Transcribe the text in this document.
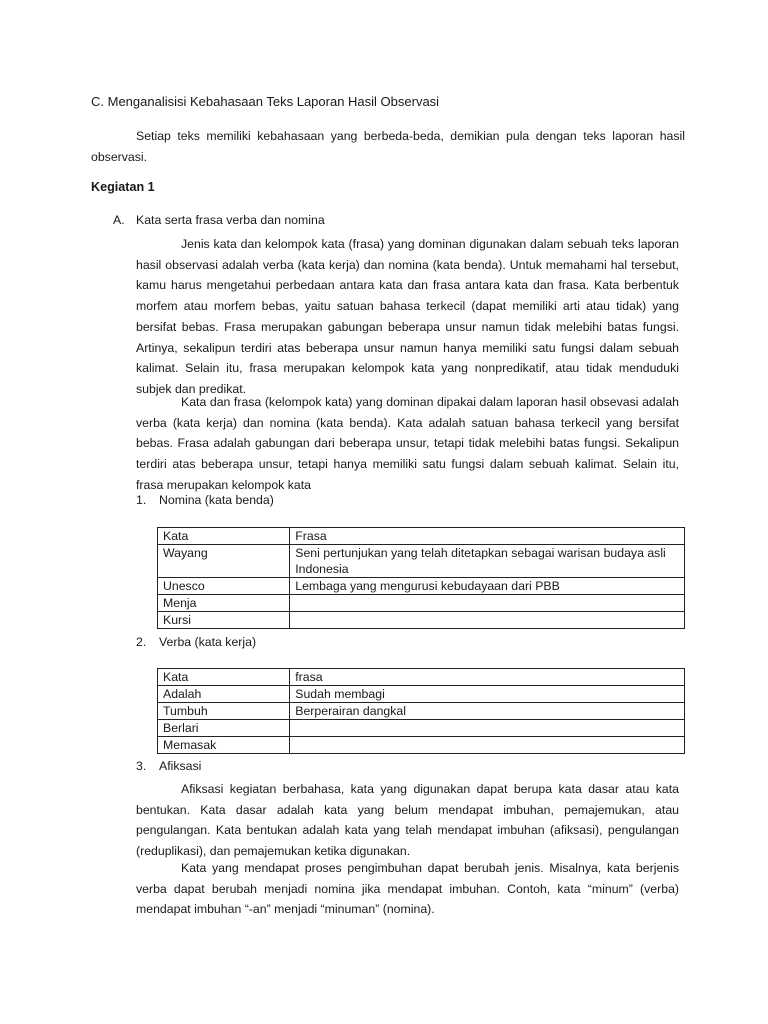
C. Menganalisisi Kebahasaan Teks Laporan Hasil Observasi
Setiap teks memiliki kebahasaan yang berbeda-beda, demikian pula dengan teks laporan hasil observasi.
Kegiatan 1
A. Kata serta frasa verba dan nomina
Jenis kata dan kelompok kata (frasa) yang dominan digunakan dalam sebuah teks laporan hasil observasi adalah verba (kata kerja) dan nomina (kata benda). Untuk memahami hal tersebut, kamu harus mengetahui perbedaan antara kata dan frasa antara kata dan frasa. Kata berbentuk morfem atau morfem bebas, yaitu satuan bahasa terkecil (dapat memiliki arti atau tidak) yang bersifat bebas. Frasa merupakan gabungan beberapa unsur namun tidak melebihi batas fungsi. Artinya, sekalipun terdiri atas beberapa unsur namun hanya memiliki satu fungsi dalam sebuah kalimat. Selain itu, frasa merupakan kelompok kata yang nonpredikatif, atau tidak menduduki subjek dan predikat.
Kata dan frasa (kelompok kata) yang dominan dipakai dalam laporan hasil obsevasi adalah verba (kata kerja) dan nomina (kata benda). Kata adalah satuan bahasa terkecil yang bersifat bebas. Frasa adalah gabungan dari beberapa unsur, tetapi tidak melebihi batas fungsi. Sekalipun terdiri atas beberapa unsur, tetapi hanya memiliki satu fungsi dalam sebuah kalimat. Selain itu, frasa merupakan kelompok kata
1. Nomina (kata benda)
Kata	Frasa
Wayang	Seni pertunjukan yang telah ditetapkan sebagai warisan budaya asli Indonesia
Unesco	Lembaga yang mengurusi kebudayaan dari PBB
Menja	
Kursi	
2. Verba (kata kerja)
Kata	frasa
Adalah	Sudah membagi
Tumbuh	Berperairan dangkal
Berlari	
Memasak	
3. Afiksasi
Afiksasi kegiatan berbahasa, kata yang digunakan dapat berupa kata dasar atau kata bentukan. Kata dasar adalah kata yang belum mendapat imbuhan, pemajemukan, atau pengulangan. Kata bentukan adalah kata yang telah mendapat imbuhan (afiksasi), pengulangan (reduplikasi), dan pemajemukan ketika digunakan.
Kata yang mendapat proses pengimbuhan dapat berubah jenis. Misalnya, kata berjenis verba dapat berubah menjadi nomina jika mendapat imbuhan. Contoh, kata “minum” (verba) mendapat imbuhan “-an” menjadi “minuman” (nomina).
